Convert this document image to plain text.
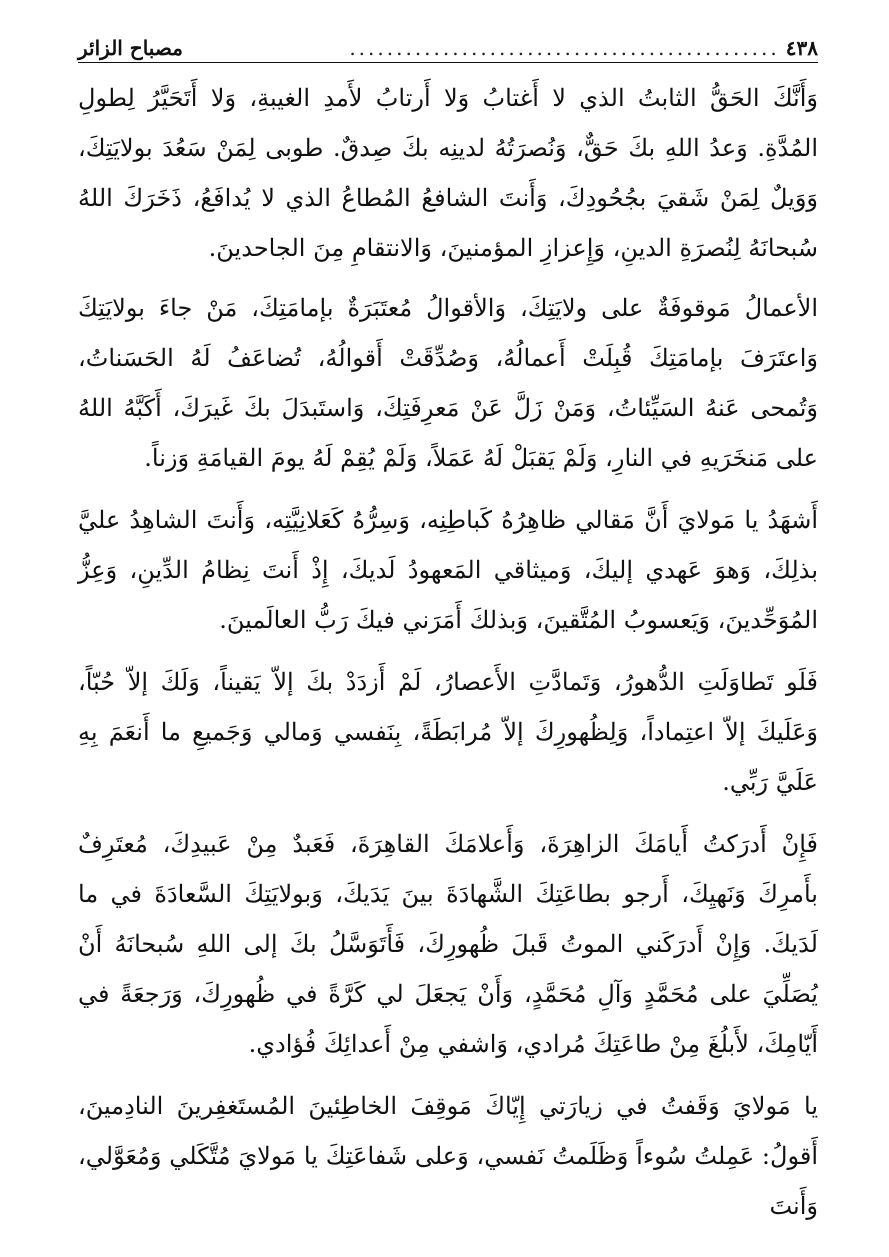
٤٣٨
..............................................
مصباح الزائر

وَأَنَّكَ الحَقُّ الثابتُ الذي لا أَغتابُ وَلا أَرتابُ لأَمدِ الغيبةِ، وَلا أَتَحَيَّرُ لِطولِ المُدَّةِ. وَعدُ اللهِ بكَ حَقٌّ، وَنُصرَتُهُ لدينِه بكَ صِدقٌ. طوبى لِمَنْ سَعُدَ بولايَتِكَ، وَوَيلٌ لِمَنْ شَقيَ بجُحُودِكَ، وَأَنتَ الشافعُ المُطاعُ الذي لا يُدافَعُ، ذَخَرَكَ اللهُ سُبحانَهُ لِنُصرَةِ الدينِ، وَإِعزازِ المؤمنينَ، وَالانتقامِ مِنَ الجاحدينَ.

الأعمالُ مَوقوفَةٌ على ولايَتِكَ، وَالأقوالُ مُعتَبَرَةٌ بإمامَتِكَ، مَنْ جاءَ بولايَتِكَ وَاعتَرَفَ بإمامَتِكَ قُبِلَتْ أَعمالُهُ، وَصُدِّقَتْ أَقوالُهُ، تُضاعَفُ لَهُ الحَسَناتُ، وَتُمحى عَنهُ السَيِّئاتُ، وَمَنْ زَلَّ عَنْ مَعرِفَتِكَ، وَاستَبدَلَ بكَ غَيرَكَ، أَكَبَّهُ اللهُ على مَنخَرَيهِ في النارِ، وَلَمْ يَقبَلْ لَهُ عَمَلاً، وَلَمْ يُقِمْ لَهُ يومَ القيامَةِ وَزناً.

أَشهَدُ يا مَولايَ أَنَّ مَقالي ظاهِرُهُ كَباطِنِه، وَسِرُّهُ كَعَلانِيَّتِه، وَأَنتَ الشاهِدُ عليَّ بذلِكَ، وَهوَ عَهدي إليكَ، وَميثاقي المَعهودُ لَديكَ، إِذْ أَنتَ نِظامُ الدِّينِ، وَعِزُّ المُوَحِّدينَ، وَيَعسوبُ المُتَّقينَ، وَبذلكَ أَمَرَني فيكَ رَبُّ العالَمينَ.

فَلَو تَطاوَلَتِ الدُّهورُ، وَتَمادَّتِ الأَعصارُ، لَمْ أَزدَدْ بكَ إلاّ يَقيناً، وَلَكَ إلاّ حُبّاً، وَعَلَيكَ إلاّ اعتِماداً، وَلِظُهورِكَ إلاّ مُرابَطَةً، بِنَفسي وَمالي وَجَميعِ ما أَنعَمَ بِهِ عَلَيَّ رَبِّي.

فَإِنْ أَدرَكتُ أَيامَكَ الزاهِرَةَ، وَأَعلامَكَ القاهِرَةَ، فَعَبدٌ مِنْ عَبيدِكَ، مُعتَرِفٌ بأَمرِكَ وَنَهيِكَ، أَرجو بطاعَتِكَ الشَّهادَةَ بينَ يَدَيكَ، وَبولايَتِكَ السَّعادَةَ في ما لَدَيكَ. وَإِنْ أَدرَكَني الموتُ قَبلَ ظُهورِكَ، فَأَتَوَسَّلُ بكَ إلى اللهِ سُبحانَهُ أَنْ يُصَلِّيَ على مُحَمَّدٍ وَآلِ مُحَمَّدٍ، وَأَنْ يَجعَلَ لي كَرَّةً في ظُهورِكَ، وَرَجعَةً في أَيّامِكَ، لأَبلُغَ مِنْ طاعَتِكَ مُرادي، وَاشفي مِنْ أَعدائِكَ فُؤادي.

يا مَولايَ وَقَفتُ في زيارَتي إِيّاكَ مَوقِفَ الخاطِئينَ المُستَغفِرينَ النادِمينَ، أَقولُ: عَمِلتُ سُوءاً وَظَلَمتُ نَفسي، وَعلى شَفاعَتِكَ يا مَولايَ مُتَّكَلي وَمُعَوَّلي، وَأَنتَ
